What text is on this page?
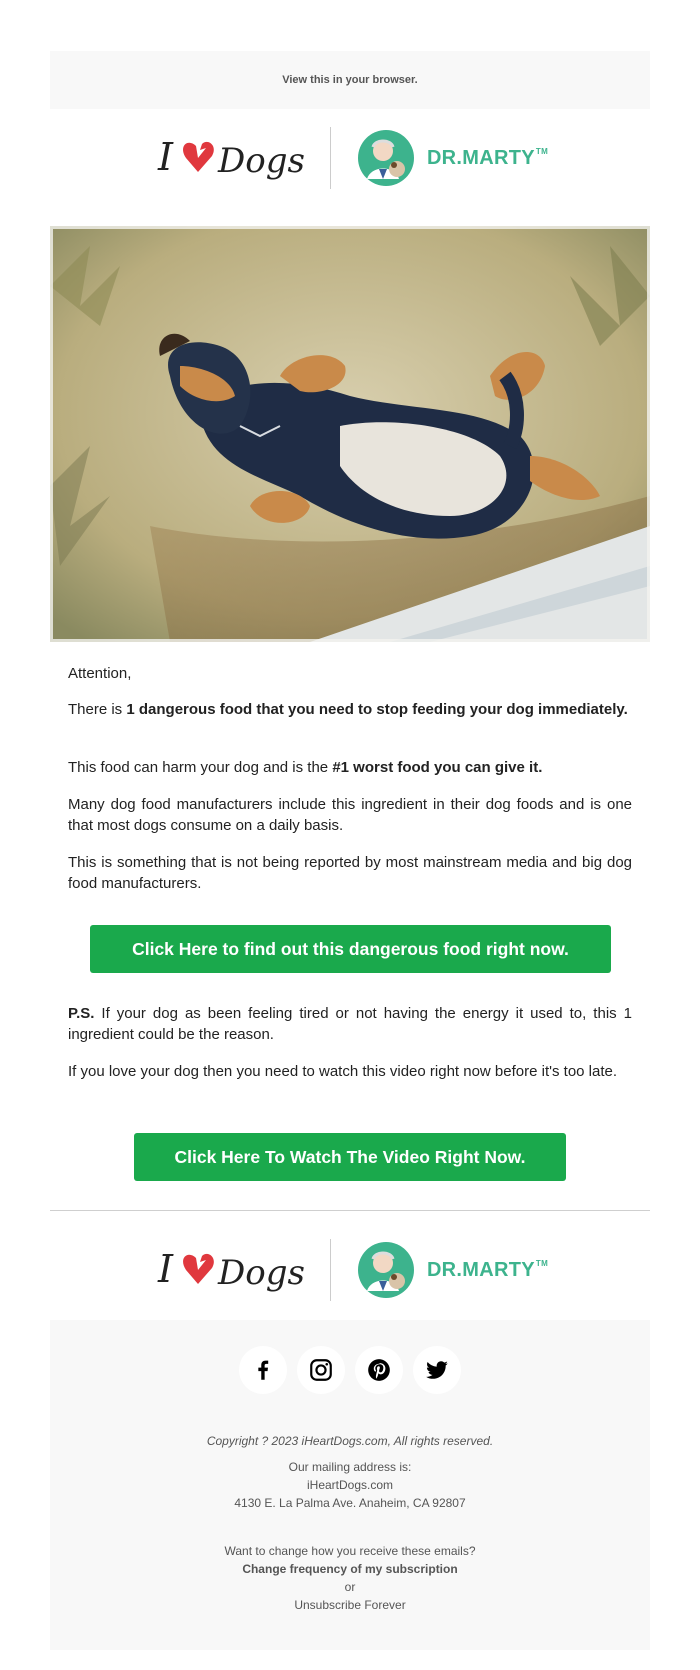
View this in your browser.
I Dogs	DR.MARTY™

Attention,

There is 1 dangerous food that you need to stop feeding your dog immediately.

This food can harm your dog and is the #1 worst food you can give it.

Many dog food manufacturers include this ingredient in their dog foods and is one that most dogs consume on a daily basis.

This is something that is not being reported by most mainstream media and big dog food manufacturers.

Click Here to find out this dangerous food right now.

P.S. If your dog as been feeling tired or not having the energy it used to, this 1 ingredient could be the reason.

If you love your dog then you need to watch this video right now before it's too late.

Click Here To Watch The Video Right Now.
I Dogs	DR.MARTY™
Copyright ? 2023 iHeartDogs.com, All rights reserved.
Our mailing address is:
iHeartDogs.com
4130 E. La Palma Ave. Anaheim, CA 92807
Want to change how you receive these emails?
Change frequency of my subscription
or
Unsubscribe Forever
